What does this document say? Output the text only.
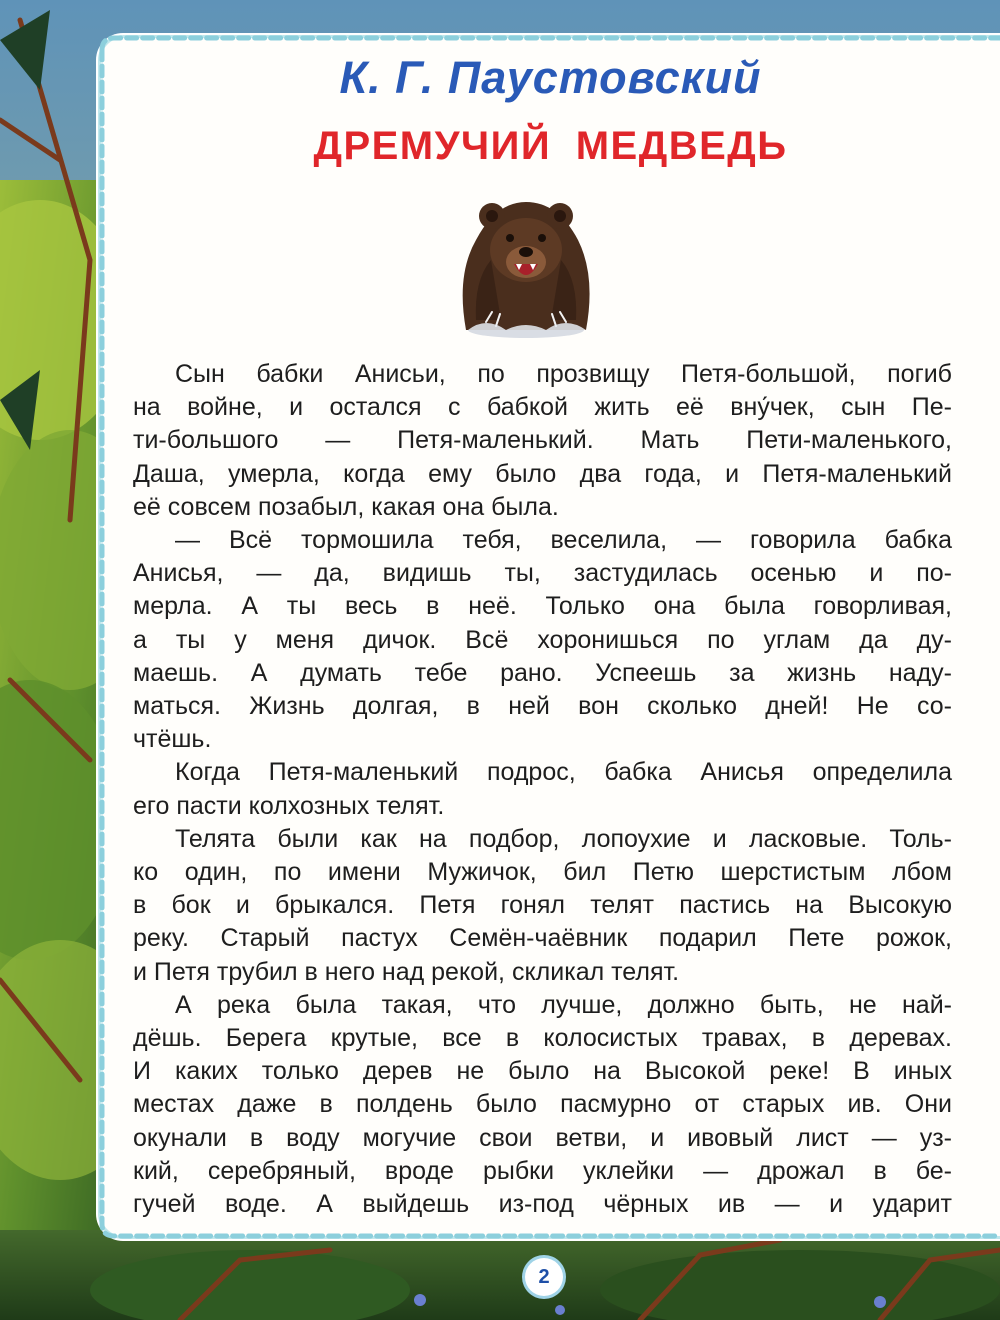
К. Г. Паустовский
ДРЕМУЧИЙ МЕДВЕДЬ

Сын бабки Анисьи, по прозвищу Петя-большой, погиб
на войне, и остался с бабкой жить её вну́чек, сын Пе-
ти-большого — Петя-маленький. Мать Пети-маленького,
Даша, умерла, когда ему было два года, и Петя-маленький
её совсем позабыл, какая она была.

— Всё тормошила тебя, веселила, — говорила бабка
Анисья, — да, видишь ты, застудилась осенью и по-
мерла. А ты весь в неё. Только она была говорливая,
а ты у меня дичок. Всё хоронишься по углам да ду-
маешь. А думать тебе рано. Успеешь за жизнь наду-
маться. Жизнь долгая, в ней вон сколько дней! Не со-
чтёшь.

Когда Петя-маленький подрос, бабка Анисья определила
его пасти колхозных телят.

Телята были как на подбор, лопоухие и ласковые. Толь-
ко один, по имени Мужичок, бил Петю шерстистым лбом
в бок и брыкался. Петя гонял телят пастись на Высокую
реку. Старый пастух Семён-чаёвник подарил Пете рожок,
и Петя трубил в него над рекой, скликал телят.

А река была такая, что лучше, должно быть, не най-
дёшь. Берега крутые, все в колосистых травах, в деревах.
И каких только дерев не было на Высокой реке! В иных
местах даже в полдень было пасмурно от старых ив. Они
окунали в воду могучие свои ветви, и ивовый лист — уз-
кий, серебряный, вроде рыбки уклейки — дрожал в бе-
гучей воде. А выйдешь из-под чёрных ив — и ударит

2
